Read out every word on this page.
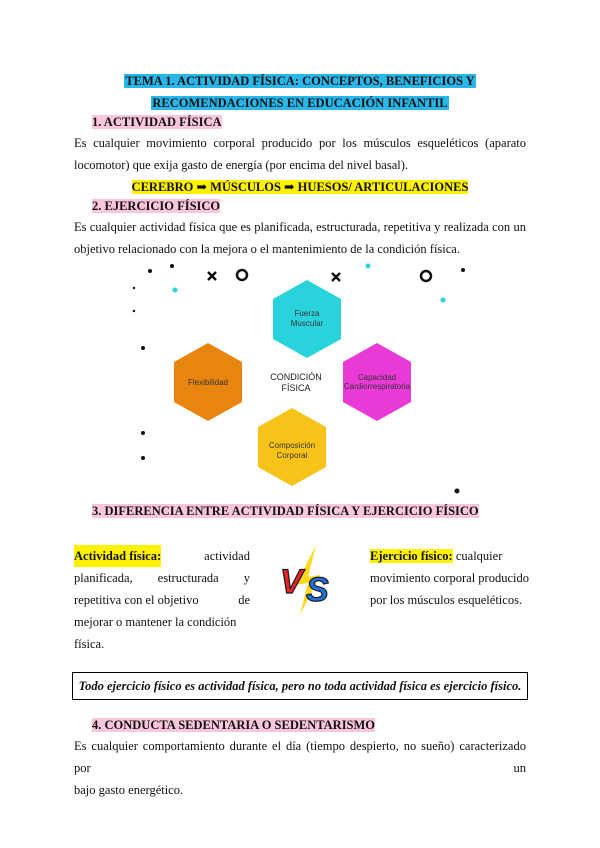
TEMA 1. ACTIVIDAD FÍSICA: CONCEPTOS, BENEFICIOS Y
RECOMENDACIONES EN EDUCACIÓN INFANTIL
1. ACTIVIDAD FÍSICA
Es cualquier movimiento corporal producido por los músculos esqueléticos (aparato
locomotor) que exija gasto de energía (por encima del nivel basal).
CEREBRO ➡ MÚSCULOS ➡ HUESOS/ ARTICULACIONES
2. EJERCICIO FÍSICO
Es cualquier actividad física que es planificada, estructurada, repetitiva y realizada con un
objetivo relacionado con la mejora o el mantenimiento de la condición física.
Fuerza
Muscular
Flexibilidad
Capacidad
Cardiorrespiratoria
Composición
Corporal
CONDICIÓN
FÍSICA
3. DIFERENCIA ENTRE ACTIVIDAD FÍSICA Y EJERCICIO FÍSICO
Actividad física:	actividad
planificada, estructurada y
repetitiva con el objetivo	de
mejorar o mantener la condición
física.
V S
Ejercicio físico: cualquier
movimiento corporal producido
por los músculos esqueléticos.
Todo ejercicio físico es actividad física, pero no toda actividad física es ejercicio físico.
4. CONDUCTA SEDENTARIA O SEDENTARISMO
Es cualquier comportamiento durante el día (tiempo despierto, no sueño) caracterizado por un
bajo gasto energético.
